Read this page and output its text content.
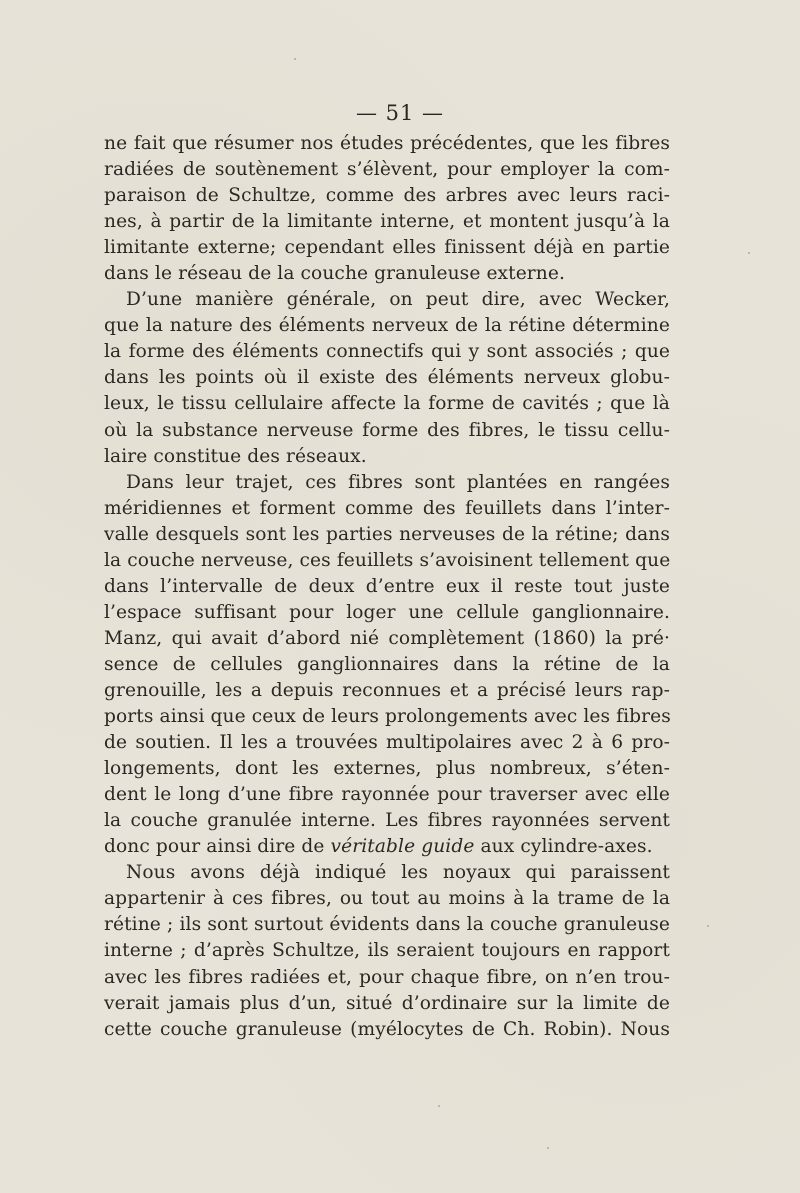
— 51 —
ne fait que résumer nos études précédentes, que les fibres
radiées de soutènement s’élèvent, pour employer la com-
paraison de Schultze, comme des arbres avec leurs raci-
nes, à partir de la limitante interne, et montent jusqu’à la
limitante externe; cependant elles finissent déjà en partie
dans le réseau de la couche granuleuse externe.
D’une manière générale, on peut dire, avec Wecker,
que la nature des éléments nerveux de la rétine détermine
la forme des éléments connectifs qui y sont associés ; que
dans les points où il existe des éléments nerveux globu-
leux, le tissu cellulaire affecte la forme de cavités ; que là
où la substance nerveuse forme des fibres, le tissu cellu-
laire constitue des réseaux.
Dans leur trajet, ces fibres sont plantées en rangées
méridiennes et forment comme des feuillets dans l’inter-
valle desquels sont les parties nerveuses de la rétine; dans
la couche nerveuse, ces feuillets s’avoisinent tellement que
dans l’intervalle de deux d’entre eux il reste tout juste
l’espace suffisant pour loger une cellule ganglionnaire.
Manz, qui avait d’abord nié complètement (1860) la pré·
sence de cellules ganglionnaires dans la rétine de la
grenouille, les a depuis reconnues et a précisé leurs rap-
ports ainsi que ceux de leurs prolongements avec les fibres
de soutien. Il les a trouvées multipolaires avec 2 à 6 pro-
longements, dont les externes, plus nombreux, s’éten-
dent le long d’une fibre rayonnée pour traverser avec elle
la couche granulée interne. Les fibres rayonnées servent
donc pour ainsi dire de véritable guide aux cylindre-axes.
Nous avons déjà indiqué les noyaux qui paraissent
appartenir à ces fibres, ou tout au moins à la trame de la
rétine ; ils sont surtout évidents dans la couche granuleuse
interne ; d’après Schultze, ils seraient toujours en rapport
avec les fibres radiées et, pour chaque fibre, on n’en trou-
verait jamais plus d’un, situé d’ordinaire sur la limite de
cette couche granuleuse (myélocytes de Ch. Robin). Nous
